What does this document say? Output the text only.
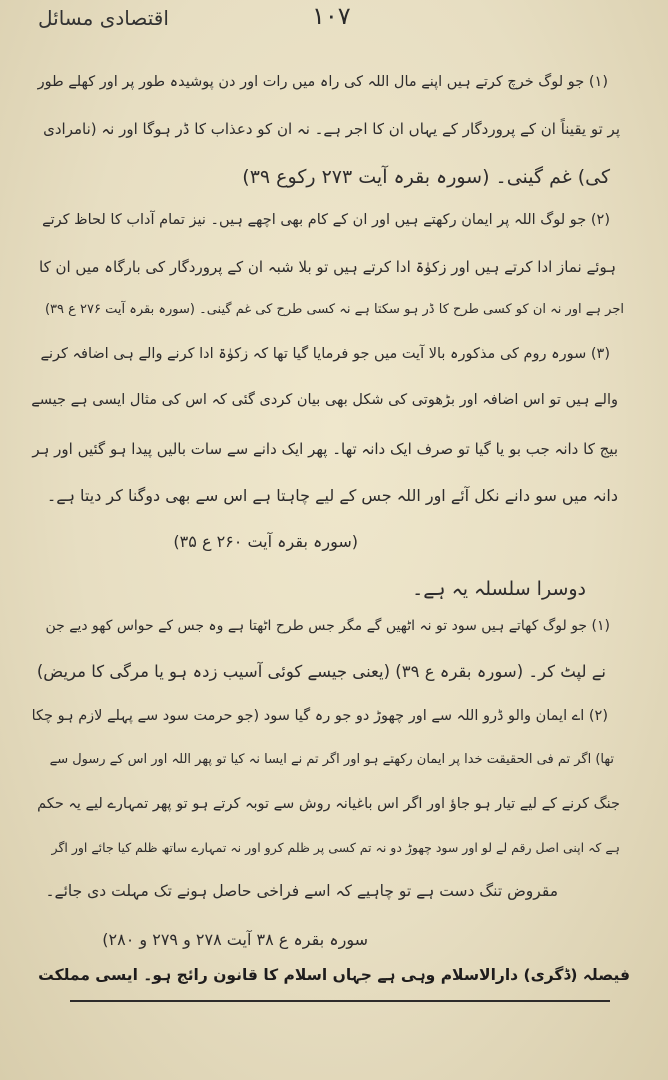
اقتصادی مسائل	۱۰۷
(۱) جو لوگ خرچ کرتے ہیں اپنے مال اللہ کی راہ میں رات اور دن پوشیدہ طور پر اور کھلے طور
پر تو یقیناً ان کے پروردگار کے یہاں ان کا اجر ہے۔ نہ ان کو دعذاب کا ڈر ہوگا اور نہ (نامرادی
کی) غم گینی۔ (سورہ بقرہ آیت ۲۷۳ رکوع ۳۹)
(۲) جو لوگ اللہ پر ایمان رکھتے ہیں اور ان کے کام بھی اچھے ہیں۔ نیز تمام آداب کا لحاظ کرتے
ہوئے نماز ادا کرتے ہیں اور زکوٰۃ ادا کرتے ہیں تو بلا شبہ ان کے پروردگار کی بارگاہ میں ان کا
اجر ہے اور نہ ان کو کسی طرح کا ڈر ہو سکتا ہے نہ کسی طرح کی غم گینی۔ (سورہ بقرہ آیت ۲۷۶ ع ۳۹)
(۳) سورہ روم کی مذکورہ بالا آیت میں جو فرمایا گیا تھا کہ زکوٰۃ ادا کرنے والے ہی اضافہ کرنے
والے ہیں تو اس اضافہ اور بڑھوتی کی شکل بھی بیان کردی گئی کہ اس کی مثال ایسی ہے جیسے
بیج کا دانہ جب بو یا گیا تو صرف ایک دانہ تھا۔ پھر ایک دانے سے سات بالیں پیدا ہو گئیں اور ہر
دانہ میں سو دانے نکل آئے اور اللہ جس کے لیے چاہتا ہے اس سے بھی دوگنا کر دیتا ہے۔
(سورہ بقرہ آیت ۲۶۰ ع ۳۵)
دوسرا سلسلہ یہ ہے۔
(۱) جو لوگ کھاتے ہیں سود تو نہ اٹھیں گے مگر جس طرح اٹھتا ہے وہ جس کے حواس کھو دیے جن
نے لپٹ کر۔ (سورہ بقرہ ع ۳۹) (یعنی جیسے کوئی آسیب زدہ ہو یا مرگی کا مریض)
(۲) اے ایمان والو ڈرو اللہ سے اور چھوڑ دو جو رہ گیا سود (جو حرمت سود سے پہلے لازم ہو چکا
تھا) اگر تم فی الحقیقت خدا پر ایمان رکھتے ہو اور اگر تم نے ایسا نہ کیا تو پھر اللہ اور اس کے رسول سے
جنگ کرنے کے لیے تیار ہو جاؤ اور اگر اس باغیانہ روش سے توبہ کرتے ہو تو پھر تمہارے لیے یہ حکم
ہے کہ اپنی اصل رقم لے لو اور سود چھوڑ دو نہ تم کسی پر ظلم کرو اور نہ تمہارے ساتھ ظلم کیا جائے اور اگر
مقروض تنگ دست ہے تو چاہیے کہ اسے فراخی حاصل ہونے تک مہلت دی جائے۔
سورہ بقرہ ع ۳۸ آیت ۲۷۸ و ۲۷۹ و ۲۸۰)
فیصلہ (ڈگری) دارالاسلام وہی ہے جہاں اسلام کا قانون رائج ہو۔ ایسی مملکت
